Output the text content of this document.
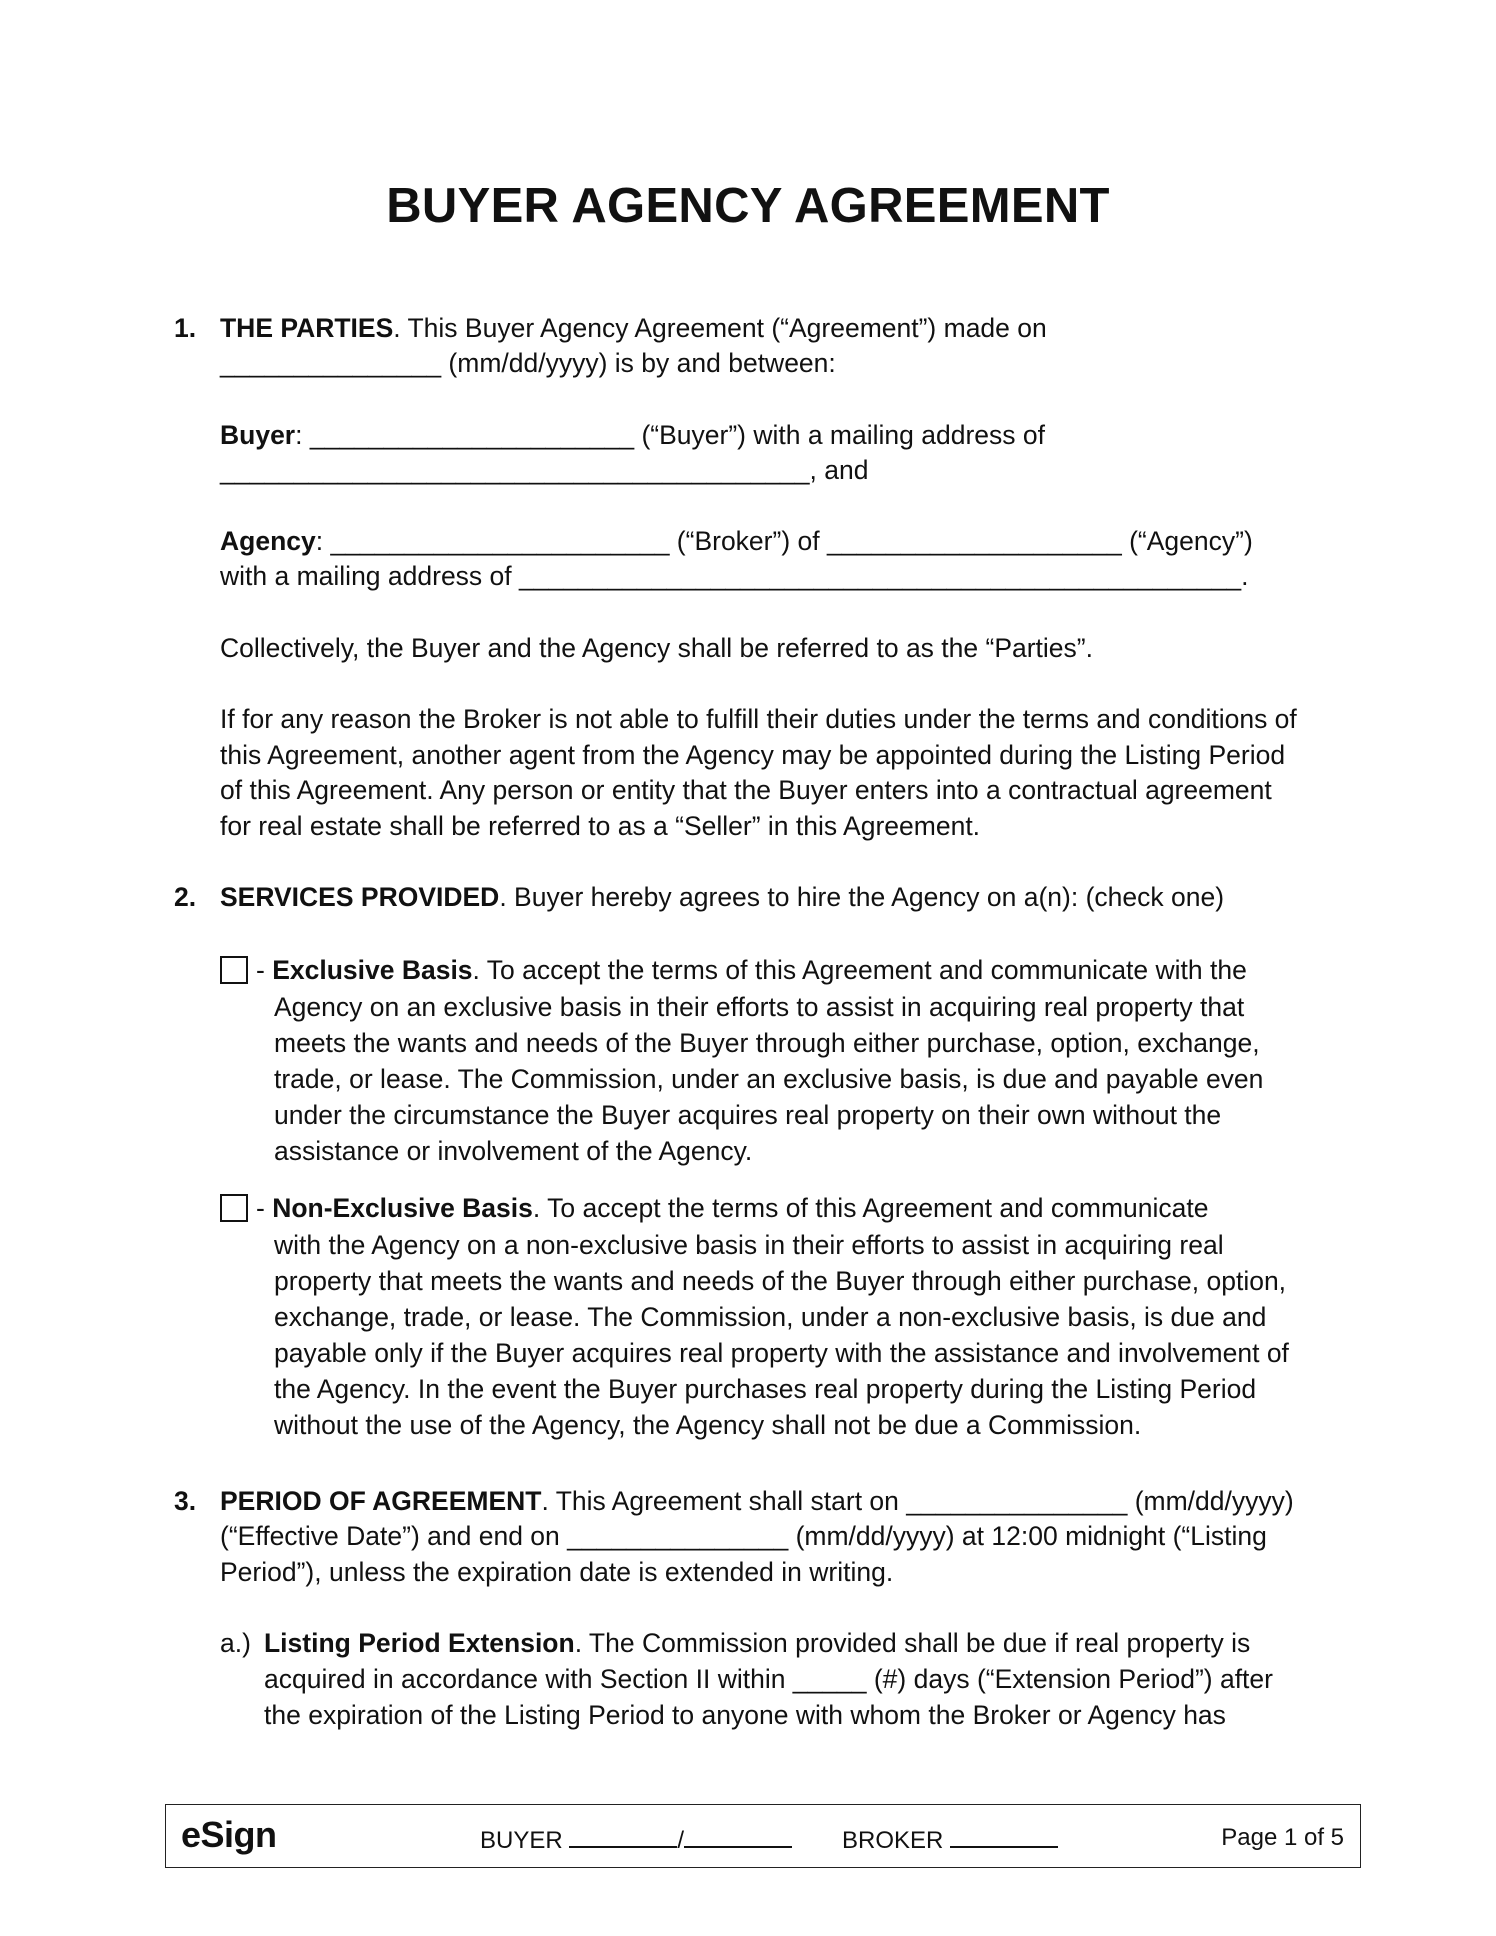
BUYER AGENCY AGREEMENT
1. THE PARTIES. This Buyer Agency Agreement (“Agreement”) made on

_______________ (mm/dd/yyyy) is by and between:

Buyer: ______________________ (“Buyer”) with a mailing address of

________________________________________, and

Agency: _______________________ (“Broker”) of ____________________ (“Agency”)

with a mailing address of _________________________________________________.

Collectively, the Buyer and the Agency shall be referred to as the “Parties”.

If for any reason the Broker is not able to fulfill their duties under the terms and conditions of

this Agreement, another agent from the Agency may be appointed during the Listing Period

of this Agreement. Any person or entity that the Buyer enters into a contractual agreement

for real estate shall be referred to as a “Seller” in this Agreement.

2. SERVICES PROVIDED. Buyer hereby agrees to hire the Agency on a(n): (check one)

- Exclusive Basis. To accept the terms of this Agreement and communicate with the

Agency on an exclusive basis in their efforts to assist in acquiring real property that

meets the wants and needs of the Buyer through either purchase, option, exchange,

trade, or lease. The Commission, under an exclusive basis, is due and payable even

under the circumstance the Buyer acquires real property on their own without the

assistance or involvement of the Agency.

- Non-Exclusive Basis. To accept the terms of this Agreement and communicate

with the Agency on a non-exclusive basis in their efforts to assist in acquiring real

property that meets the wants and needs of the Buyer through either purchase, option,

exchange, trade, or lease. The Commission, under a non-exclusive basis, is due and

payable only if the Buyer acquires real property with the assistance and involvement of

the Agency. In the event the Buyer purchases real property during the Listing Period

without the use of the Agency, the Agency shall not be due a Commission.

3. PERIOD OF AGREEMENT. This Agreement shall start on _______________ (mm/dd/yyyy)

(“Effective Date”) and end on _______________ (mm/dd/yyyy) at 12:00 midnight (“Listing

Period”), unless the expiration date is extended in writing.

a.) Listing Period Extension. The Commission provided shall be due if real property is

acquired in accordance with Section II within _____ (#) days (“Extension Period”) after

the expiration of the Listing Period to anyone with whom the Broker or Agency has

eSign	BUYER	/	BROKER	Page 1 of 5
